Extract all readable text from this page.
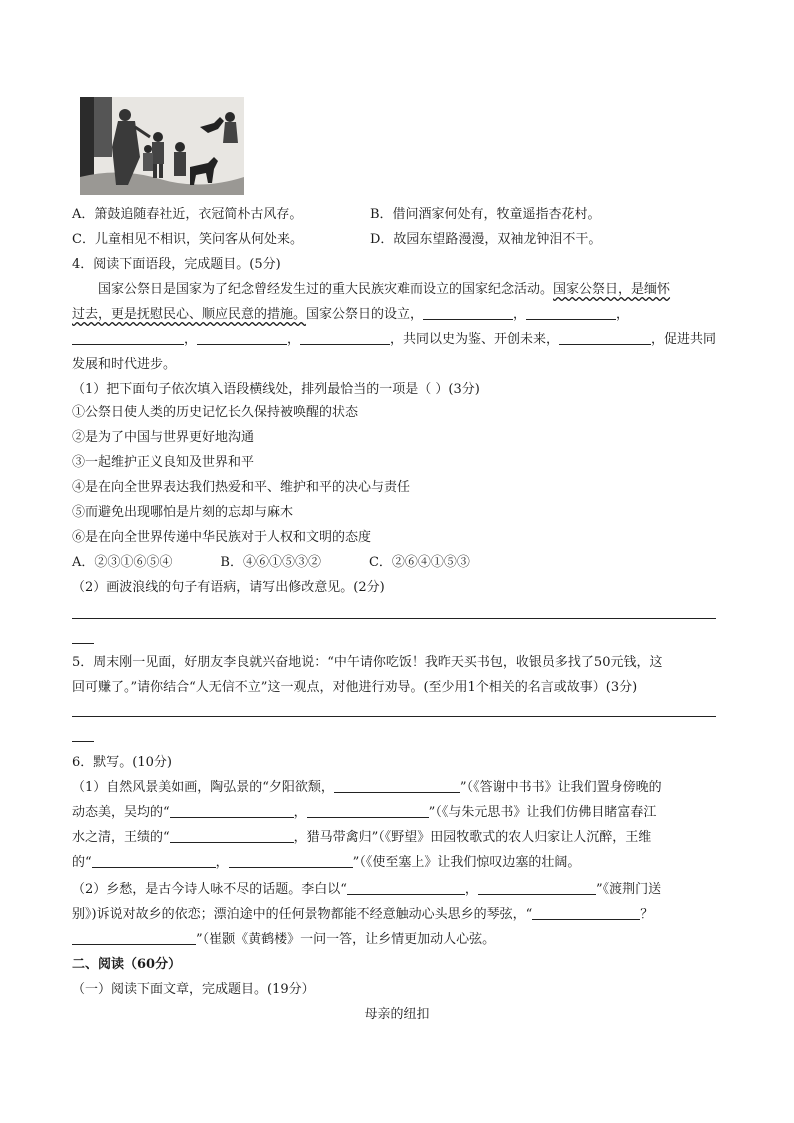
A．箫鼓追随春社近，衣冠简朴古风存。	B．借问酒家何处有，牧童遥指杏花村。
C．儿童相见不相识，笑问客从何处来。	D．故园东望路漫漫，双袖龙钟泪不干。
4．阅读下面语段，完成题目。(5分)
国家公祭日是国家为了纪念曾经发生过的重大民族灾难而设立的国家纪念活动。国家公祭日，是缅怀
过去，更是抚慰民心、顺应民意的措施。国家公祭日的设立，	，	，
，	，	，共同以史为鉴、开创未来，	，促进共同
发展和时代进步。
（1）把下面句子依次填入语段横线处，排列最恰当的一项是（ ）(3分)
①公祭日使人类的历史记忆长久保持被唤醒的状态
②是为了中国与世界更好地沟通
③一起维护正义良知及世界和平
④是在向全世界表达我们热爱和平、维护和平的决心与责任
⑤而避免出现哪怕是片刻的忘却与麻木
⑥是在向全世界传递中华民族对于人权和文明的态度
A．②③①⑥⑤④	B．④⑥①⑤③②	C．②⑥④①⑤③
（2）画波浪线的句子有语病，请写出修改意见。(2分)
5．周末刚一见面，好朋友李良就兴奋地说：“中午请你吃饭！我昨天买书包，收银员多找了50元钱，这
回可赚了。”请你结合“人无信不立”这一观点，对他进行劝导。(至少用1个相关的名言或故事）(3分)
6．默写。(10分)
（1）自然风景美如画，陶弘景的“夕阳欲颓，	”（《答谢中书书》让我们置身傍晚的
动态美，吴均的“	，	”（《与朱元思书》让我们仿佛目睹富春江
水之清，王绩的“	，猎马带禽归”（《野望》田园牧歌式的农人归家让人沉醉，王维
的“	，	”（《使至塞上》让我们惊叹边塞的壮阔。
（2）乡愁，是古今诗人咏不尽的话题。李白以“	，	”《渡荆门送
别》)诉说对故乡的依恋；漂泊途中的任何景物都能不经意触动心头思乡的琴弦，“	？
”（崔颢《黄鹤楼》一问一答，让乡情更加动人心弦。
二、阅读（60分）
（一）阅读下面文章，完成题目。(19分）
母亲的纽扣
